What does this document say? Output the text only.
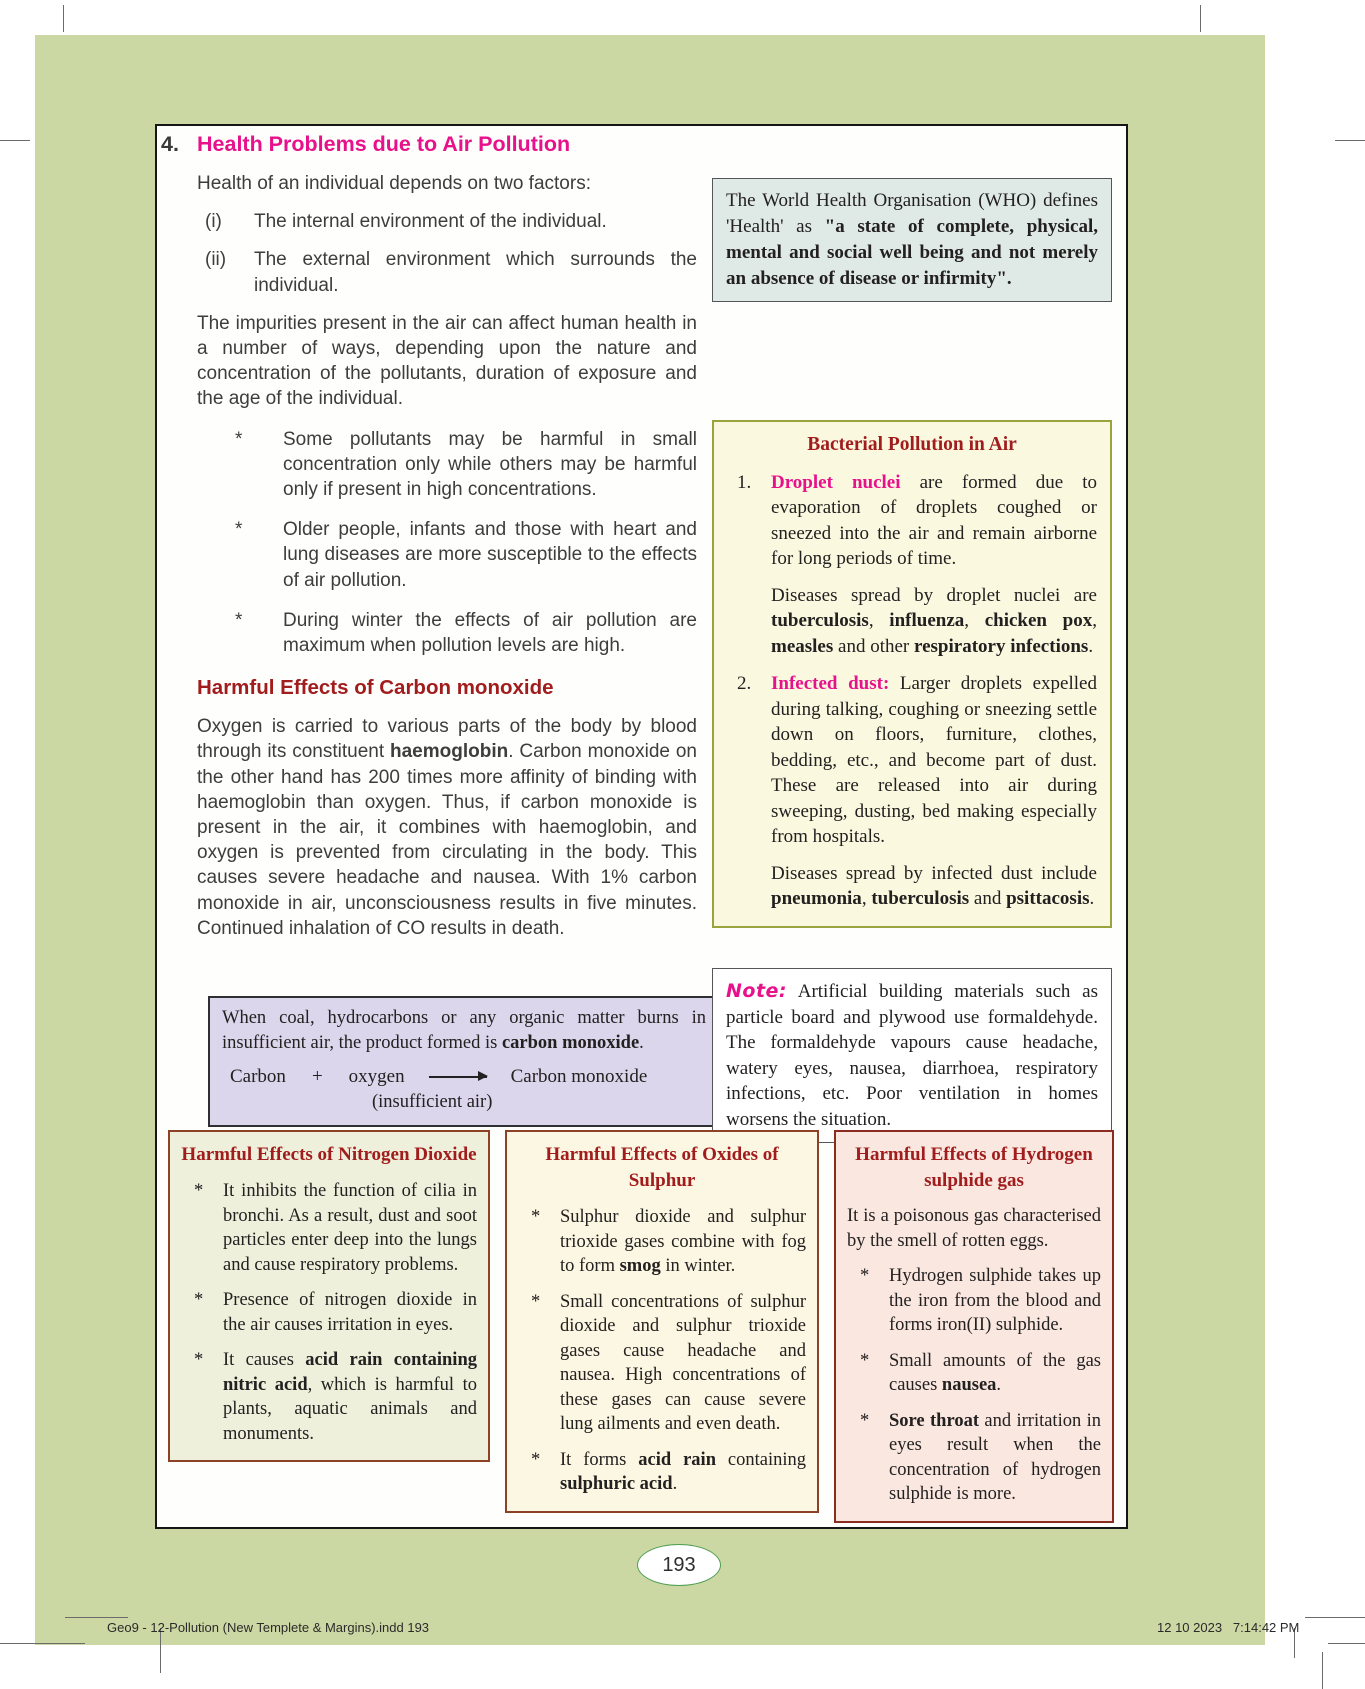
4. Health Problems due to Air Pollution
Health of an individual depends on two factors:
(i) The internal environment of the individual.
(ii) The external environment which surrounds the individual.
The impurities present in the air can affect human health in a number of ways, depending upon the nature and concentration of the pollutants, duration of exposure and the age of the individual.
* Some pollutants may be harmful in small concentration only while others may be harmful only if present in high concentrations.
* Older people, infants and those with heart and lung diseases are more susceptible to the effects of air pollution.
* During winter the effects of air pollution are maximum when pollution levels are high.
Harmful Effects of Carbon monoxide
Oxygen is carried to various parts of the body by blood through its constituent haemoglobin. Carbon monoxide on the other hand has 200 times more affinity of binding with haemoglobin than oxygen. Thus, if carbon monoxide is present in the air, it combines with haemoglobin, and oxygen is prevented from circulating in the body. This causes severe headache and nausea. With 1% carbon monoxide in air, unconsciousness results in five minutes. Continued inhalation of CO results in death.
When coal, hydrocarbons or any organic matter burns in insufficient air, the product formed is carbon monoxide.
Carbon + oxygen	Carbon monoxide
(insufficient air)
The World Health Organisation (WHO) defines 'Health' as "a state of complete, physical, mental and social well being and not merely an absence of disease or infirmity".
Bacterial Pollution in Air
1. Droplet nuclei are formed due to evaporation of droplets coughed or sneezed into the air and remain airborne for long periods of time.
Diseases spread by droplet nuclei are tuberculosis, influenza, chicken pox, measles and other respiratory infections.
2. Infected dust: Larger droplets expelled during talking, coughing or sneezing settle down on floors, furniture, clothes, bedding, etc., and become part of dust. These are released into air during sweeping, dusting, bed making especially from hospitals.
Diseases spread by infected dust include pneumonia, tuberculosis and psittacosis.
Note: Artificial building materials such as particle board and plywood use formaldehyde. The formaldehyde vapours cause headache, watery eyes, nausea, diarrhoea, respiratory infections, etc. Poor ventilation in homes worsens the situation.
Harmful Effects of Nitrogen Dioxide
* It inhibits the function of cilia in bronchi. As a result, dust and soot particles enter deep into the lungs and cause respiratory problems.
* Presence of nitrogen dioxide in the air causes irritation in eyes.
* It causes acid rain containing nitric acid, which is harmful to plants, aquatic animals and monuments.
Harmful Effects of Oxides of Sulphur
* Sulphur dioxide and sulphur trioxide gases combine with fog to form smog in winter.
* Small concentrations of sulphur dioxide and sulphur trioxide gases cause headache and nausea. High concentrations of these gases can cause severe lung ailments and even death.
* It forms acid rain containing sulphuric acid.
Harmful Effects of Hydrogen sulphide gas
It is a poisonous gas characterised by the smell of rotten eggs.
* Hydrogen sulphide takes up the iron from the blood and forms iron(II) sulphide.
* Small amounts of the gas causes nausea.
* Sore throat and irritation in eyes result when the concentration of hydrogen sulphide is more.
193
Geo9 - 12-Pollution (New Templete & Margins).indd 193	12 10 2023   7:14:42 PM
